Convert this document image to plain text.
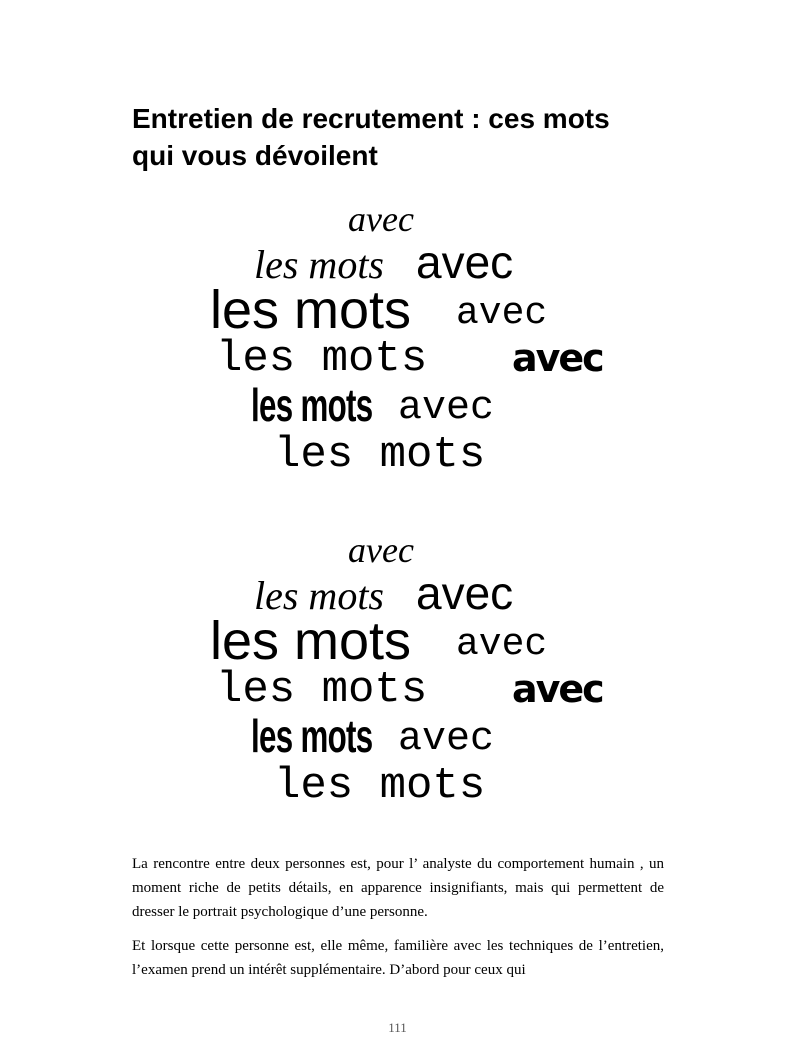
Entretien de recrutement : ces mots
qui vous dévoilent
avec
les mots avec
les mots avec
les mots avec
les mots avec
les mots
avec
les mots avec
les mots avec
les mots avec
les mots avec
les mots

La rencontre entre deux personnes est, pour l’ analyste du comportement humain , un moment riche de petits détails, en apparence insignifiants, mais qui permettent de dresser le portrait psychologique d’une personne.

Et lorsque cette personne est, elle même, familière avec les techniques de l’entretien, l’examen prend un intérêt supplémentaire. D’abord pour ceux qui

111
